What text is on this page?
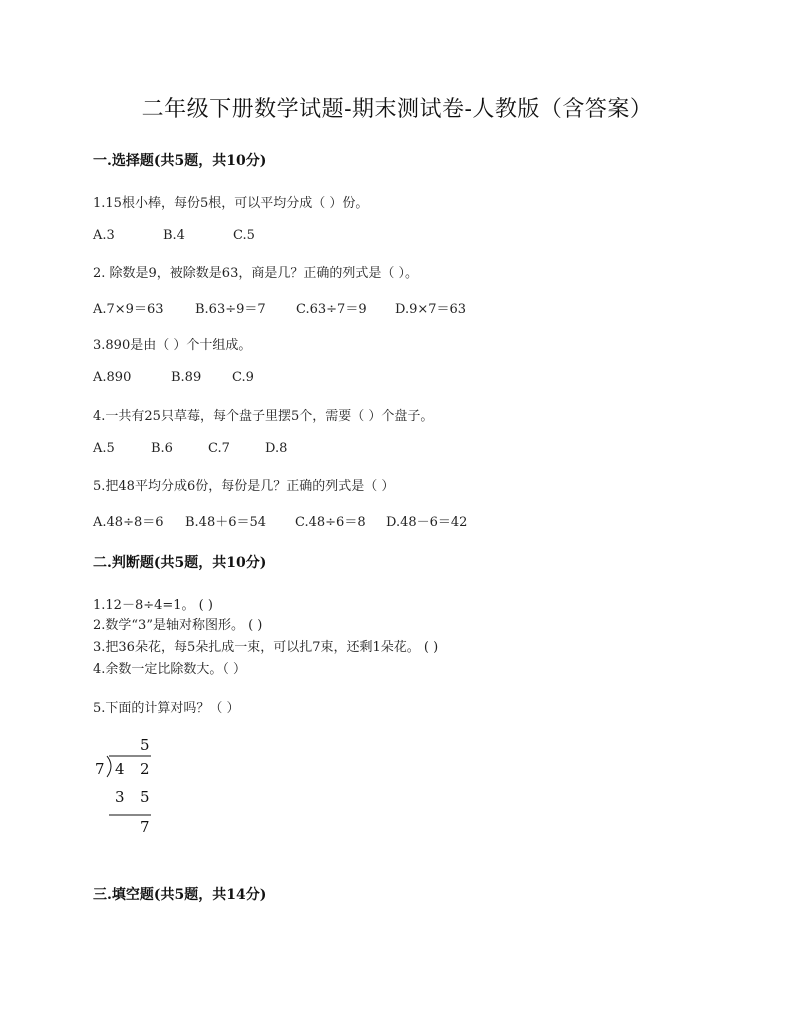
二年级下册数学试题-期末测试卷-人教版（含答案）
一.选择题(共5题，共10分)
1.15根小棒，每份5根，可以平均分成（ ）份。
A.3	B.4	C.5
2. 除数是9，被除数是63，商是几？正确的列式是（ ）。
A.7×9＝63 B.63÷9＝7 C.63÷7＝9 D.9×7＝63
3.890是由（ ）个十组成。
A.890	B.89 C.9
4.一共有25只草莓，每个盘子里摆5个，需要（ ）个盘子。
A.5	B.6	C.7	D.8
5.把48平均分成6份，每份是几？正确的列式是（ ）
A.48÷8＝6 B.48＋6＝54 C.48÷6＝8 D.48－6＝42
二.判断题(共5题，共10分)
1.12－8÷4=1。 ( )
2.数学“3”是轴对称图形。 ( )
3.把36朵花，每5朵扎成一束，可以扎7束，还剩1朵花。 ( )
4.余数一定比除数大。（ ）
5.下面的计算对吗？（ ）
5
7 4 2
3 5
7
三.填空题(共5题，共14分)
